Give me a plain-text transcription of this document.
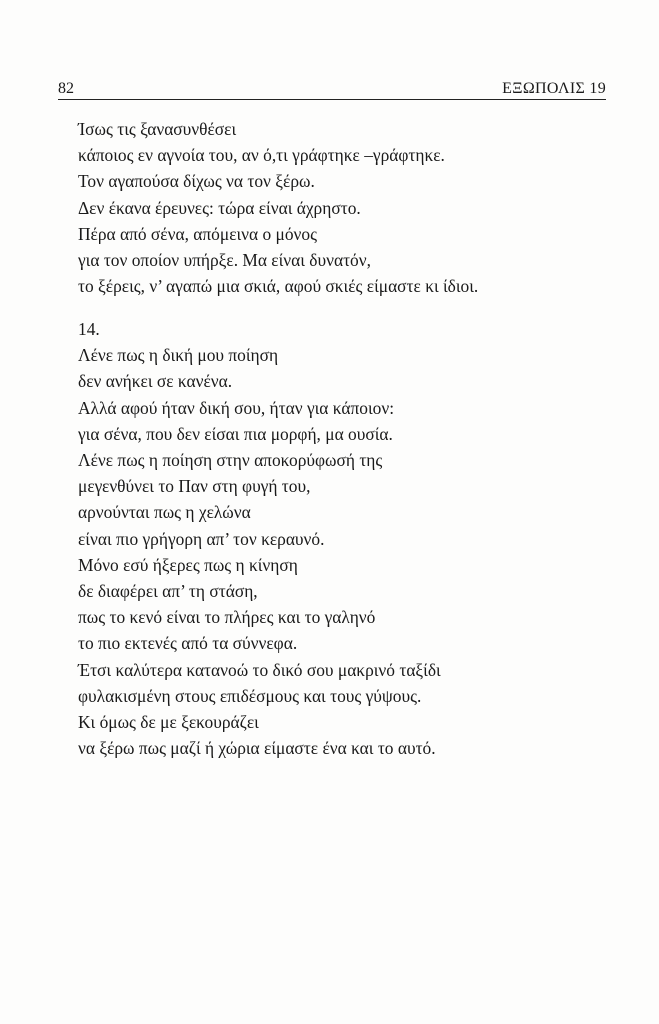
82	ΕΞΩΠΟΛΙΣ 19
Ίσως τις ξανασυνθέσει
κάποιος εν αγνοία του, αν ό,τι γράφτηκε –γράφτηκε.
Τον αγαπούσα δίχως να τον ξέρω.
Δεν έκανα έρευνες: τώρα είναι άχρηστο.
Πέρα από σένα, απόμεινα ο μόνος
για τον οποίον υπήρξε. Μα είναι δυνατόν,
το ξέρεις, ν’ αγαπώ μια σκιά, αφού σκιές είμαστε κι ίδιοι.
14.
Λένε πως η δική μου ποίηση
δεν ανήκει σε κανένα.
Αλλά αφού ήταν δική σου, ήταν για κάποιον:
για σένα, που δεν είσαι πια μορφή, μα ουσία.
Λένε πως η ποίηση στην αποκορύφωσή της
μεγενθύνει το Παν στη φυγή του,
αρνούνται πως η χελώνα
είναι πιο γρήγορη απ’ τον κεραυνό.
Μόνο εσύ ήξερες πως η κίνηση
δε διαφέρει απ’ τη στάση,
πως το κενό είναι το πλήρες και το γαληνό
το πιο εκτενές από τα σύννεφα.
Έτσι καλύτερα κατανοώ το δικό σου μακρινό ταξίδι
φυλακισμένη στους επιδέσμους και τους γύψους.
Κι όμως δε με ξεκουράζει
να ξέρω πως μαζί ή χώρια είμαστε ένα και το αυτό.
